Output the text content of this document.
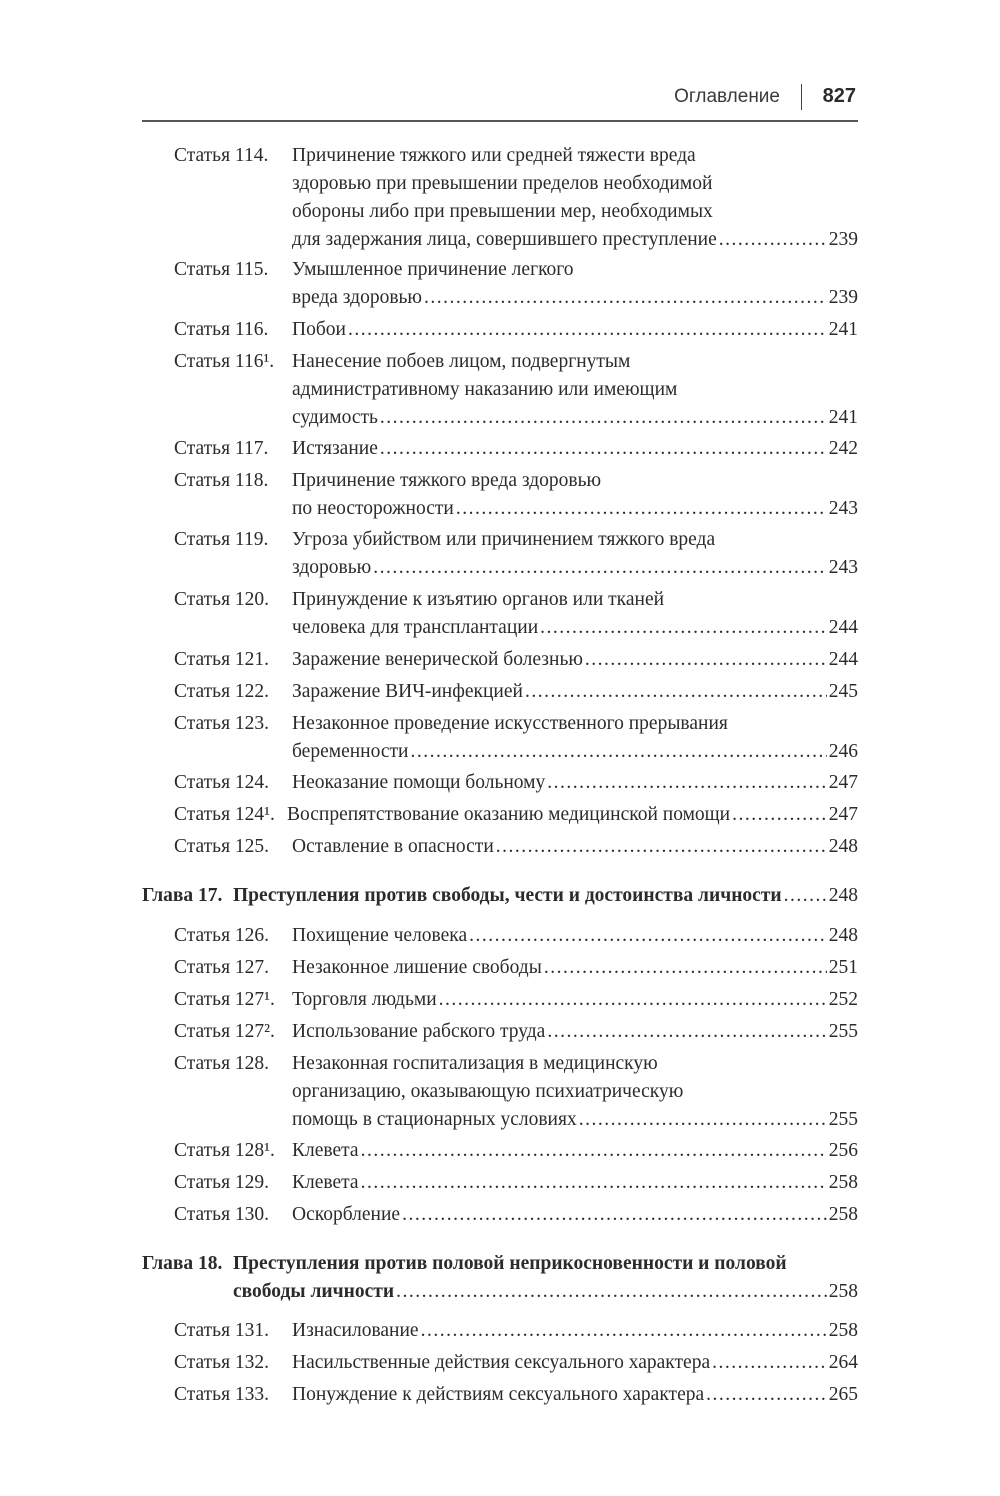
Оглавление 827
Статья 114. Причинение тяжкого или средней тяжести вреда
здоровью при превышении пределов необходимой
обороны либо при превышении мер, необходимых
для задержания лица, совершившего преступление .....	239
Статья 115. Умышленное причинение легкого
вреда здоровью .....	239
Статья 116. Побои .....	241
Статья 116¹. Нанесение побоев лицом, подвергнутым
административному наказанию или имеющим
судимость .....	241
Статья 117. Истязание .....	242
Статья 118. Причинение тяжкого вреда здоровью
по неосторожности .....	243
Статья 119. Угроза убийством или причинением тяжкого вреда
здоровью .....	243
Статья 120. Принуждение к изъятию органов или тканей
человека для трансплантации .....	244
Статья 121. Заражение венерической болезнью .....	244
Статья 122. Заражение ВИЧ-инфекцией .....	245
Статья 123. Незаконное проведение искусственного прерывания
беременности .....	246
Статья 124. Неоказание помощи больному .....	247
Статья 124¹. Воспрепятствование оказанию медицинской помощи .....	247
Статья 125. Оставление в опасности .....	248
Глава 17. Преступления против свободы, чести и достоинства личности ..... 248
Статья 126. Похищение человека .....	248
Статья 127. Незаконное лишение свободы .....	251
Статья 127¹. Торговля людьми .....	252
Статья 127². Использование рабского труда .....	255
Статья 128. Незаконная госпитализация в медицинскую
организацию, оказывающую психиатрическую
помощь в стационарных условиях .....	255
Статья 128¹. Клевета .....	256
Статья 129. Клевета .....	258
Статья 130. Оскорбление .....	258
Глава 18. Преступления против половой неприкосновенности и половой
свободы личности .....	258
Статья 131. Изнасилование .....	258
Статья 132. Насильственные действия сексуального характера .....	264
Статья 133. Понуждение к действиям сексуального характера .....	265
